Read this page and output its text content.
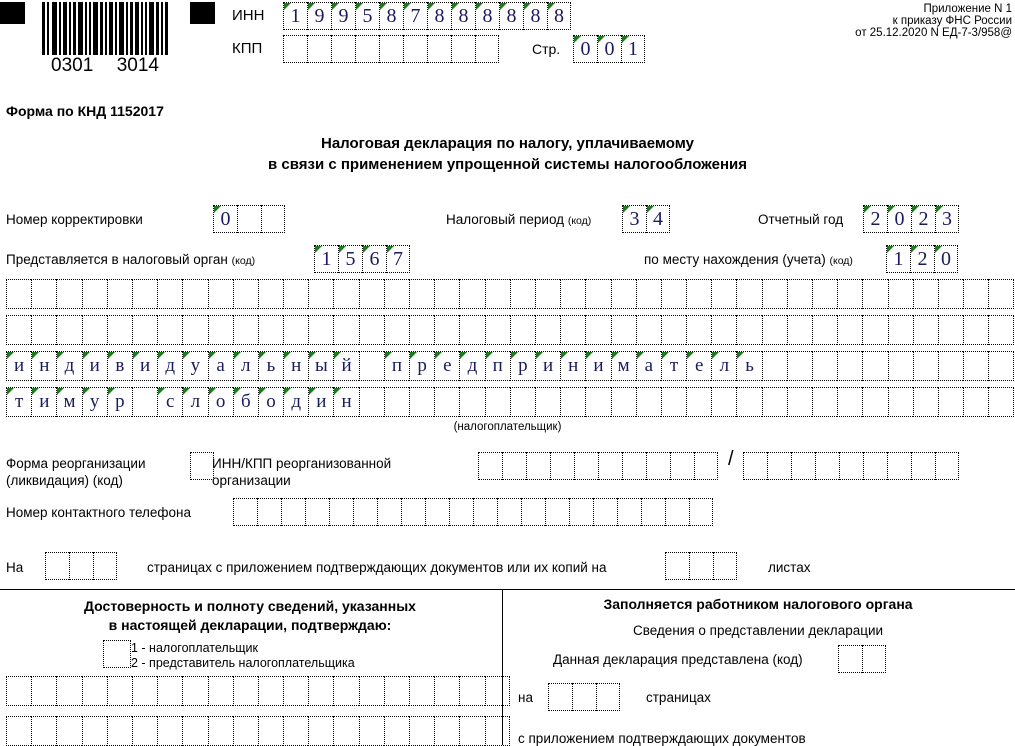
0301 3014
ИНН	1 9 9 5 8 7 8 8 8 8 8 8
КПП	Стр.	0 0 1
Приложение N 1
к приказу ФНС России
от 25.12.2020 N ЕД-7-3/958@
Форма по КНД 1152017
Налоговая декларация по налогу, уплачиваемому
в связи с применением упрощенной системы налогообложения
Номер корректировки	0	Налоговый период (код)	3 4	Отчетный год	2 0 2 3
Представляется в налоговый орган (код)	1 5 6 7	по месту нахождения (учета) (код)	1 2 0
и н д и в и д у а л ь н ы й	п р е д п р и н и м а т е л ь
т и м у р	с л о б о д и н
(налогоплательщик)
Форма реорганизации
(ликвидация) (код)
ИНН/КПП реорганизованной
организации
/
Номер контактного телефона
На	страницах с приложением подтверждающих документов или их копий на	листах
Достоверность и полноту сведений, указанных
в настоящей декларации, подтверждаю:
1 - налогоплательщик
2 - представитель налогоплательщика
Заполняется работником налогового органа
Сведения о представлении декларации
Данная декларация представлена (код)
на	страницах
с приложением подтверждающих документов
